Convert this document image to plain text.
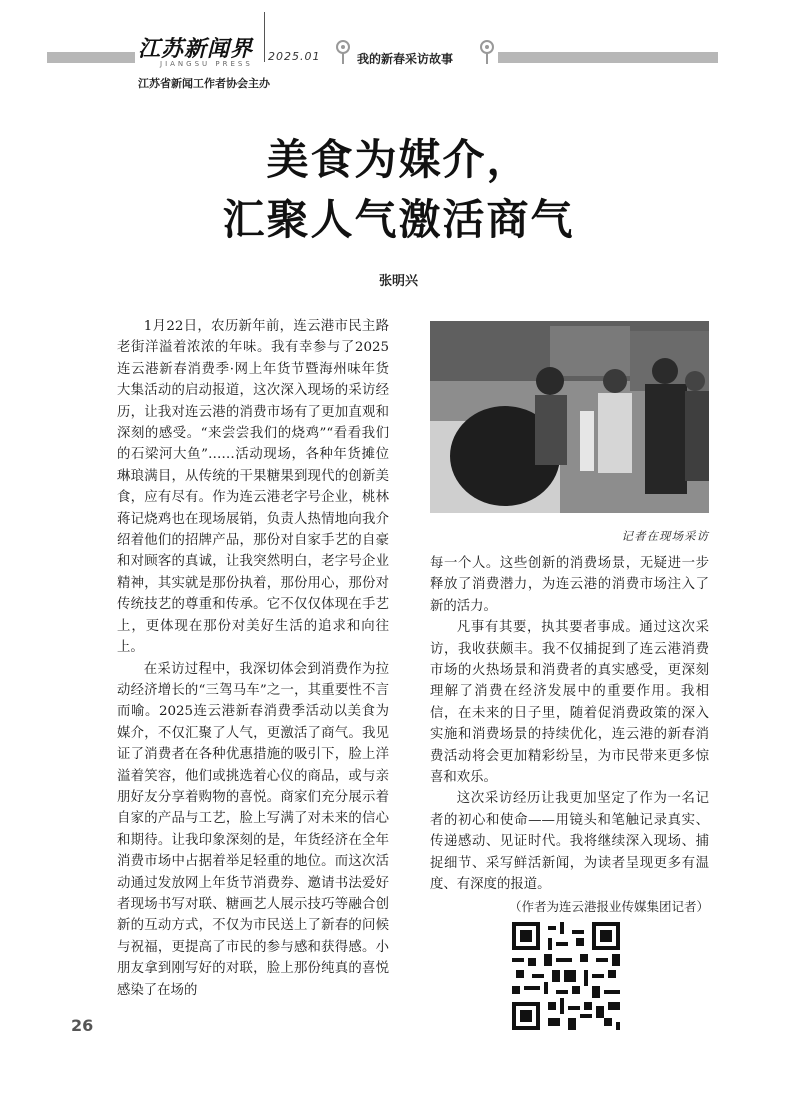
江苏新闻界
JIANGSU PRESS
2025.01
江苏省新闻工作者协会主办
我的新春采访故事
美食为媒介，
汇聚人气激活商气
张明兴

1月22日，农历新年前，连云港市民主路老街洋溢着浓浓的年味。我有幸参与了2025连云港新春消费季·网上年货节暨海州味年货大集活动的启动报道，这次深入现场的采访经历，让我对连云港的消费市场有了更加直观和深刻的感受。“来尝尝我们的烧鸡”“看看我们的石梁河大鱼”……活动现场，各种年货摊位琳琅满目，从传统的干果糖果到现代的创新美食，应有尽有。作为连云港老字号企业，桃林蒋记烧鸡也在现场展销，负责人热情地向我介绍着他们的招牌产品，那份对自家手艺的自豪和对顾客的真诚，让我突然明白，老字号企业精神，其实就是那份执着，那份用心，那份对传统技艺的尊重和传承。它不仅仅体现在手艺上，更体现在那份对美好生活的追求和向往上。

在采访过程中，我深切体会到消费作为拉动经济增长的“三驾马车”之一，其重要性不言而喻。2025连云港新春消费季活动以美食为媒介，不仅汇聚了人气，更激活了商气。我见证了消费者在各种优惠措施的吸引下，脸上洋溢着笑容，他们或挑选着心仪的商品，或与亲朋好友分享着购物的喜悦。商家们充分展示着自家的产品与工艺，脸上写满了对未来的信心和期待。让我印象深刻的是，年货经济在全年消费市场中占据着举足轻重的地位。而这次活动通过发放网上年货节消费券、邀请书法爱好者现场书写对联、糖画艺人展示技巧等融合创新的互动方式，不仅为市民送上了新春的问候与祝福，更提高了市民的参与感和获得感。小朋友拿到刚写好的对联，脸上那份纯真的喜悦感染了在场的

记者在现场采访

每一个人。这些创新的消费场景，无疑进一步释放了消费潜力，为连云港的消费市场注入了新的活力。

凡事有其要，执其要者事成。通过这次采访，我收获颇丰。我不仅捕捉到了连云港消费市场的火热场景和消费者的真实感受，更深刻理解了消费在经济发展中的重要作用。我相信，在未来的日子里，随着促消费政策的深入实施和消费场景的持续优化，连云港的新春消费活动将会更加精彩纷呈，为市民带来更多惊喜和欢乐。

这次采访经历让我更加坚定了作为一名记者的初心和使命——用镜头和笔触记录真实、传递感动、见证时代。我将继续深入现场、捕捉细节、采写鲜活新闻，为读者呈现更多有温度、有深度的报道。

（作者为连云港报业传媒集团记者）
26
